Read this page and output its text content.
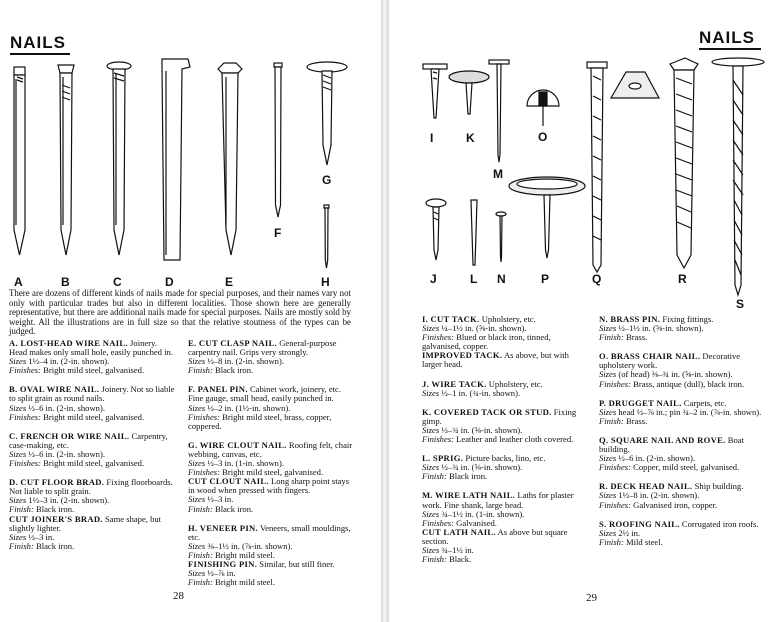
NAILS
A	B	C	D	E
F
G
H
There are dozens of different kinds of nails made for special purposes, and their names vary not only with particular trades but also in different localities. Those shown here are generally representative, but there are additional nails made for special purposes. Nails are mostly sold by weight. All the illustrations are in full size so that the relative stoutness of the types can be judged.
A. LOST-HEAD WIRE NAIL. Joinery. Head makes only small hole, easily punched in.
Sizes 1½–4 in. (2-in. shown).
Finishes: Bright mild steel, galvanised.
B. OVAL WIRE NAIL. Joinery. Not so liable to split grain as round nails.
Sizes ½–6 in. (2-in. shown).
Finishes: Bright mild steel, galvanised.
C. FRENCH OR WIRE NAIL. Carpentry, case-making, etc.
Sizes ½–6 in. (2-in. shown).
Finishes: Bright mild steel, galvanised.
D. CUT FLOOR BRAD. Fixing floorboards. Not liable to split grain.
Sizes 1½–3 in. (2-in. shown).
Finish: Black iron.
CUT JOINER'S BRAD. Same shape, but slightly lighter.
Sizes ½–3 in.
Finish: Black iron.
E. CUT CLASP NAIL. General-purpose carpentry nail. Grips very strongly.
Sizes ½–8 in. (2-in. shown).
Finish: Black iron.
F. PANEL PIN. Cabinet work, joinery, etc. Fine gauge, small head, easily punched in.
Sizes ½–2 in. (1½-in. shown).
Finishes: Bright mild steel, brass, copper, coppered.
G. WIRE CLOUT NAIL. Roofing felt, chair webbing, canvas, etc.
Sizes ½–3 in. (1-in. shown).
Finishes: Bright mild steel, galvanised.
CUT CLOUT NAIL. Long sharp point stays in wood when pressed with fingers.
Sizes ½–3 in.
Finish: Black iron.
H. VENEER PIN. Veneers, small mouldings, etc.
Sizes ⅜–1½ in. (⅞-in. shown).
Finish: Bright mild steel.
FINISHING PIN. Similar, but still finer.
Sizes ½–⅞ in.
Finish: Bright mild steel.
28
NAILS
I	K	O
M
J	L N	P	Q	R
S
I. CUT TACK. Upholstery, etc.
Sizes ¼–1½ in. (⅝-in. shown).
Finishes: Blued or black iron, tinned, galvanised, copper.
IMPROVED TACK. As above, but with larger head.
J. WIRE TACK. Upholstery, etc.
Sizes ½–1 in. (¾-in. shown).
K. COVERED TACK OR STUD. Fixing gimp.
Sizes ½–¾ in. (⅝-in. shown).
Finishes: Leather and leather cloth covered.
L. SPRIG. Picture backs, lino, etc.
Sizes ½–¾ in. (⅝-in. shown).
Finish: Black iron.
M. WIRE LATH NAIL. Laths for plaster work. Fine shank, large head.
Sizes ¾–1½ in. (1-in. shown).
Finishes: Galvanised.
CUT LATH NAIL. As above but square section.
Sizes ¾–1½ in.
Finish: Black.
N. BRASS PIN. Fixing fittings.
Sizes ½–1½ in. (⅝-in. shown).
Finish: Brass.
O. BRASS CHAIR NAIL. Decorative upholstery work.
Sizes (of head) ⅜–¾ in. (⅝-in. shown).
Finishes: Brass, antique (dull), black iron.
P. DRUGGET NAIL. Carpets, etc.
Sizes head ½–⅞ in.; pin ¾–2 in. (⅞-in. shown).
Finish: Brass.
Q. SQUARE NAIL AND ROVE. Boat building.
Sizes ½–6 in. (2-in. shown).
Finishes: Copper, mild steel, galvanised.
R. DECK HEAD NAIL. Ship building.
Sizes 1½–8 in. (2-in. shown).
Finishes: Galvanised iron, copper.
S. ROOFING NAIL. Corrugated iron roofs.
Sizes 2½ in.
Finish: Mild steel.
29
